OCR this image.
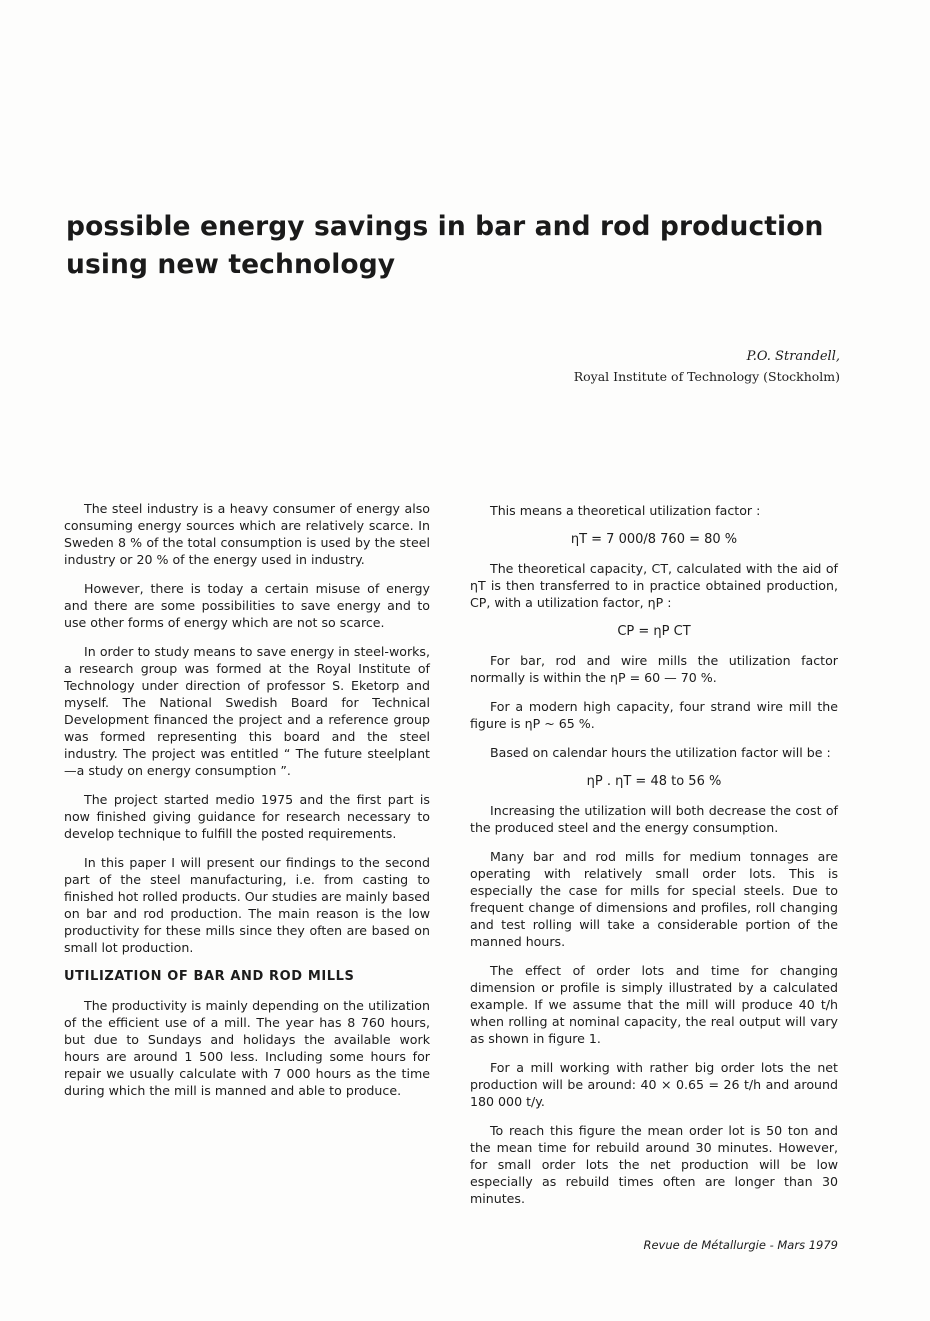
possible energy savings in bar and rod production
using new technology

P.O. Strandell,

Royal Institute of Technology (Stockholm)

The steel industry is a heavy consumer of energy also consuming energy sources which are relatively scarce. In Sweden 8 % of the total consumption is used by the steel industry or 20 % of the energy used in industry.

However, there is today a certain misuse of energy and there are some possibilities to save energy and to use other forms of energy which are not so scarce.

In order to study means to save energy in steel-works, a research group was formed at the Royal Institute of Technology under direction of professor S. Eketorp and myself. The National Swedish Board for Technical Development financed the project and a reference group was formed representing this board and the steel industry. The project was entitled “ The future steelplant—a study on energy consumption ”.

The project started medio 1975 and the first part is now finished giving guidance for research necessary to develop technique to fulfill the posted requirements.

In this paper I will present our findings to the second part of the steel manufacturing, i.e. from casting to finished hot rolled products. Our studies are mainly based on bar and rod production. The main reason is the low productivity for these mills since they often are based on small lot production.

UTILIZATION OF BAR AND ROD MILLS

The productivity is mainly depending on the utilization of the efficient use of a mill. The year has 8 760 hours, but due to Sundays and holidays the available work hours are around 1 500 less. Including some hours for repair we usually calculate with 7 000 hours as the time during which the mill is manned and able to produce.

This means a theoretical utilization factor :

ηT = 7 000/8 760 = 80 %

The theoretical capacity, CT, calculated with the aid of ηT is then transferred to in practice obtained production, CP, with a utilization factor, ηP :

CP = ηP CT

For bar, rod and wire mills the utilization factor normally is within the ηP = 60 — 70 %.

For a modern high capacity, four strand wire mill the figure is ηP ~ 65 %.

Based on calendar hours the utilization factor will be :

ηP . ηT = 48 to 56 %

Increasing the utilization will both decrease the cost of the produced steel and the energy consumption.

Many bar and rod mills for medium tonnages are operating with relatively small order lots. This is especially the case for mills for special steels. Due to frequent change of dimensions and profiles, roll changing and test rolling will take a considerable portion of the manned hours.

The effect of order lots and time for changing dimension or profile is simply illustrated by a calculated example. If we assume that the mill will produce 40 t/h when rolling at nominal capacity, the real output will vary as shown in figure 1.

For a mill working with rather big order lots the net production will be around: 40 × 0.65 = 26 t/h and around 180 000 t/y.

To reach this figure the mean order lot is 50 ton and the mean time for rebuild around 30 minutes. However, for small order lots the net production will be low especially as rebuild times often are longer than 30 minutes.

Revue de Métallurgie - Mars 1979
